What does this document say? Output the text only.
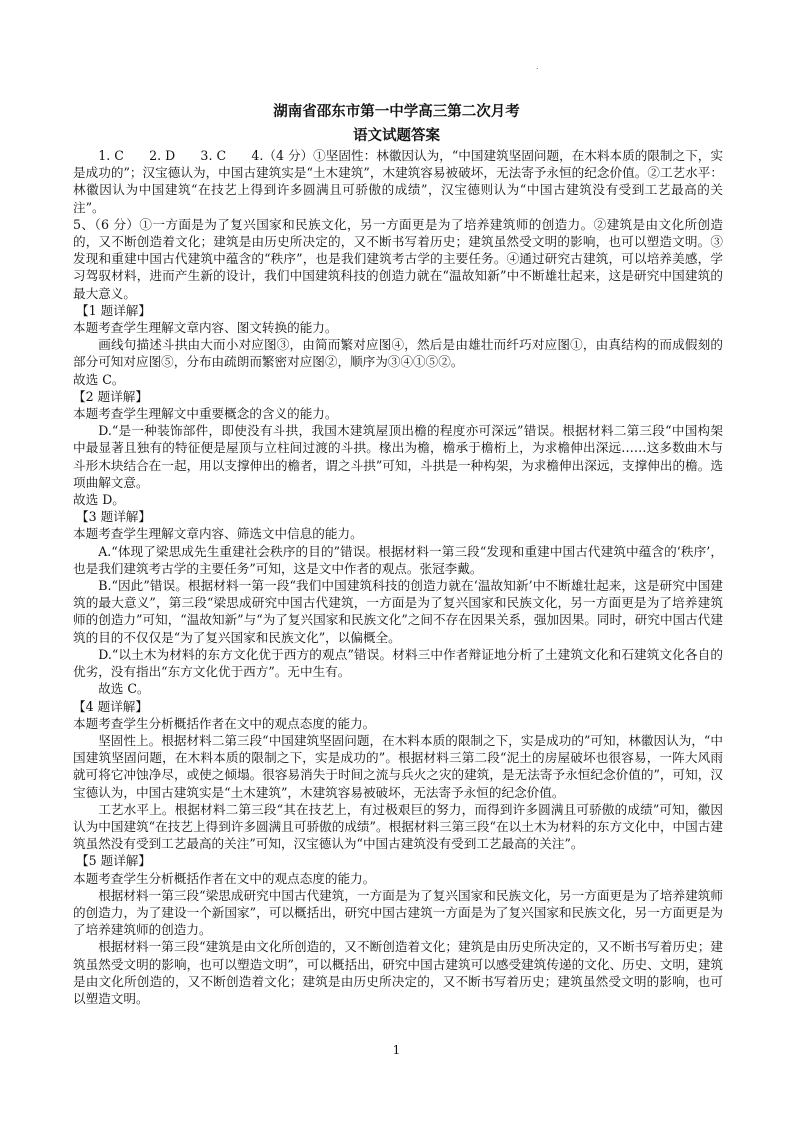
.
湖南省邵东市第一中学高三第二次月考
语文试题答案

1. C　　2. D　　3. C　　4.（4 分）①坚固性：林徽因认为，“中国建筑坚固问题，在木料本质的限制之下，实是成功的”；汉宝德认为，中国古建筑实是“土木建筑”，木建筑容易被破坏，无法寄予永恒的纪念价值。②工艺水平：林徽因认为中国建筑“在技艺上得到许多圆满且可骄傲的成绩”，汉宝德则认为“中国古建筑没有受到工艺最高的关注”。

5、（6 分）①一方面是为了复兴国家和民族文化，另一方面更是为了培养建筑师的创造力。②建筑是由文化所创造的，又不断创造着文化；建筑是由历史所决定的，又不断书写着历史；建筑虽然受文明的影响，也可以塑造文明。③发现和重建中国古代建筑中蕴含的“秩序”，也是我们建筑考古学的主要任务。④通过研究古建筑，可以培养美感，学习驾驭材料，进而产生新的设计，我们中国建筑科技的创造力就在“温故知新”中不断雄壮起来，这是研究中国建筑的最大意义。

【1 题详解】

本题考查学生理解文章内容、图文转换的能力。

画线句描述斗拱由大而小对应图③，由简而繁对应图④，然后是由雄壮而纤巧对应图①，由真结构的而成假刻的部分可知对应图⑤，分布由疏朗而繁密对应图②，顺序为③④①⑤②。

故选 C。

【2 题详解】

本题考查学生理解文中重要概念的含义的能力。

D.“是一种装饰部件，即使没有斗拱，我国木建筑屋顶出檐的程度亦可深远”错误。根据材料二第三段“中国构架中最显著且独有的特征便是屋顶与立柱间过渡的斗拱。椽出为檐，檐承于檐桁上，为求檐伸出深远……这多数曲木与斗形木块结合在一起，用以支撑伸出的檐者，谓之斗拱”可知，斗拱是一种构架，为求檐伸出深远，支撑伸出的檐。选项曲解文意。

故选 D。

【3 题详解】

本题考查学生理解文章内容、筛选文中信息的能力。

A.“体现了梁思成先生重建社会秩序的目的”错误。根据材料一第三段“发现和重建中国古代建筑中蕴含的‘秩序’，也是我们建筑考古学的主要任务”可知，这是文中作者的观点。张冠李戴。

B.“因此”错误。根据材料一第一段“我们中国建筑科技的创造力就在‘温故知新’中不断雄壮起来，这是研究中国建筑的最大意义”，第三段“梁思成研究中国古代建筑，一方面是为了复兴国家和民族文化，另一方面更是为了培养建筑师的创造力”可知，“温故知新”与“为了复兴国家和民族文化”之间不存在因果关系，强加因果。同时，研究中国古代建筑的目的不仅仅是“为了复兴国家和民族文化”，以偏概全。

D.“以土木为材料的东方文化优于西方的观点”错误。材料三中作者辩证地分析了土建筑文化和石建筑文化各自的优劣，没有指出“东方文化优于西方”。无中生有。

故选 C。

【4 题详解】

本题考查学生分析概括作者在文中的观点态度的能力。

坚固性上。根据材料二第三段“中国建筑坚固问题，在木料本质的限制之下，实是成功的”可知，林徽因认为，“中国建筑坚固问题，在木料本质的限制之下，实是成功的”。根据材料三第二段“泥土的房屋破坏也很容易，一阵大风雨就可将它冲蚀净尽，或使之倾塌。很容易消失于时间之流与兵火之灾的建筑，是无法寄予永恒纪念价值的”，可知，汉宝德认为，中国古建筑实是“土木建筑”，木建筑容易被破坏，无法寄予永恒的纪念价值。

工艺水平上。根据材料二第三段“其在技艺上，有过极艰巨的努力，而得到许多圆满且可骄傲的成绩”可知，徽因认为中国建筑“在技艺上得到许多圆满且可骄傲的成绩”。根据材料三第三段“在以土木为材料的东方文化中，中国古建筑虽然没有受到工艺最高的关注”可知，汉宝德认为“中国古建筑没有受到工艺最高的关注”。

【5 题详解】

本题考查学生分析概括作者在文中的观点态度的能力。

根据材料一第三段“梁思成研究中国古代建筑，一方面是为了复兴国家和民族文化，另一方面更是为了培养建筑师的创造力，为了建设一个新国家”，可以概括出，研究中国古建筑一方面是为了复兴国家和民族文化，另一方面更是为了培养建筑师的创造力。

根据材料一第三段“建筑是由文化所创造的，又不断创造着文化；建筑是由历史所决定的，又不断书写着历史；建筑虽然受文明的影响，也可以塑造文明”，可以概括出，研究中国古建筑可以感受建筑传递的文化、历史、文明，建筑是由文化所创造的，又不断创造着文化；建筑是由历史所决定的，又不断书写着历史；建筑虽然受文明的影响，也可以塑造文明。

1
